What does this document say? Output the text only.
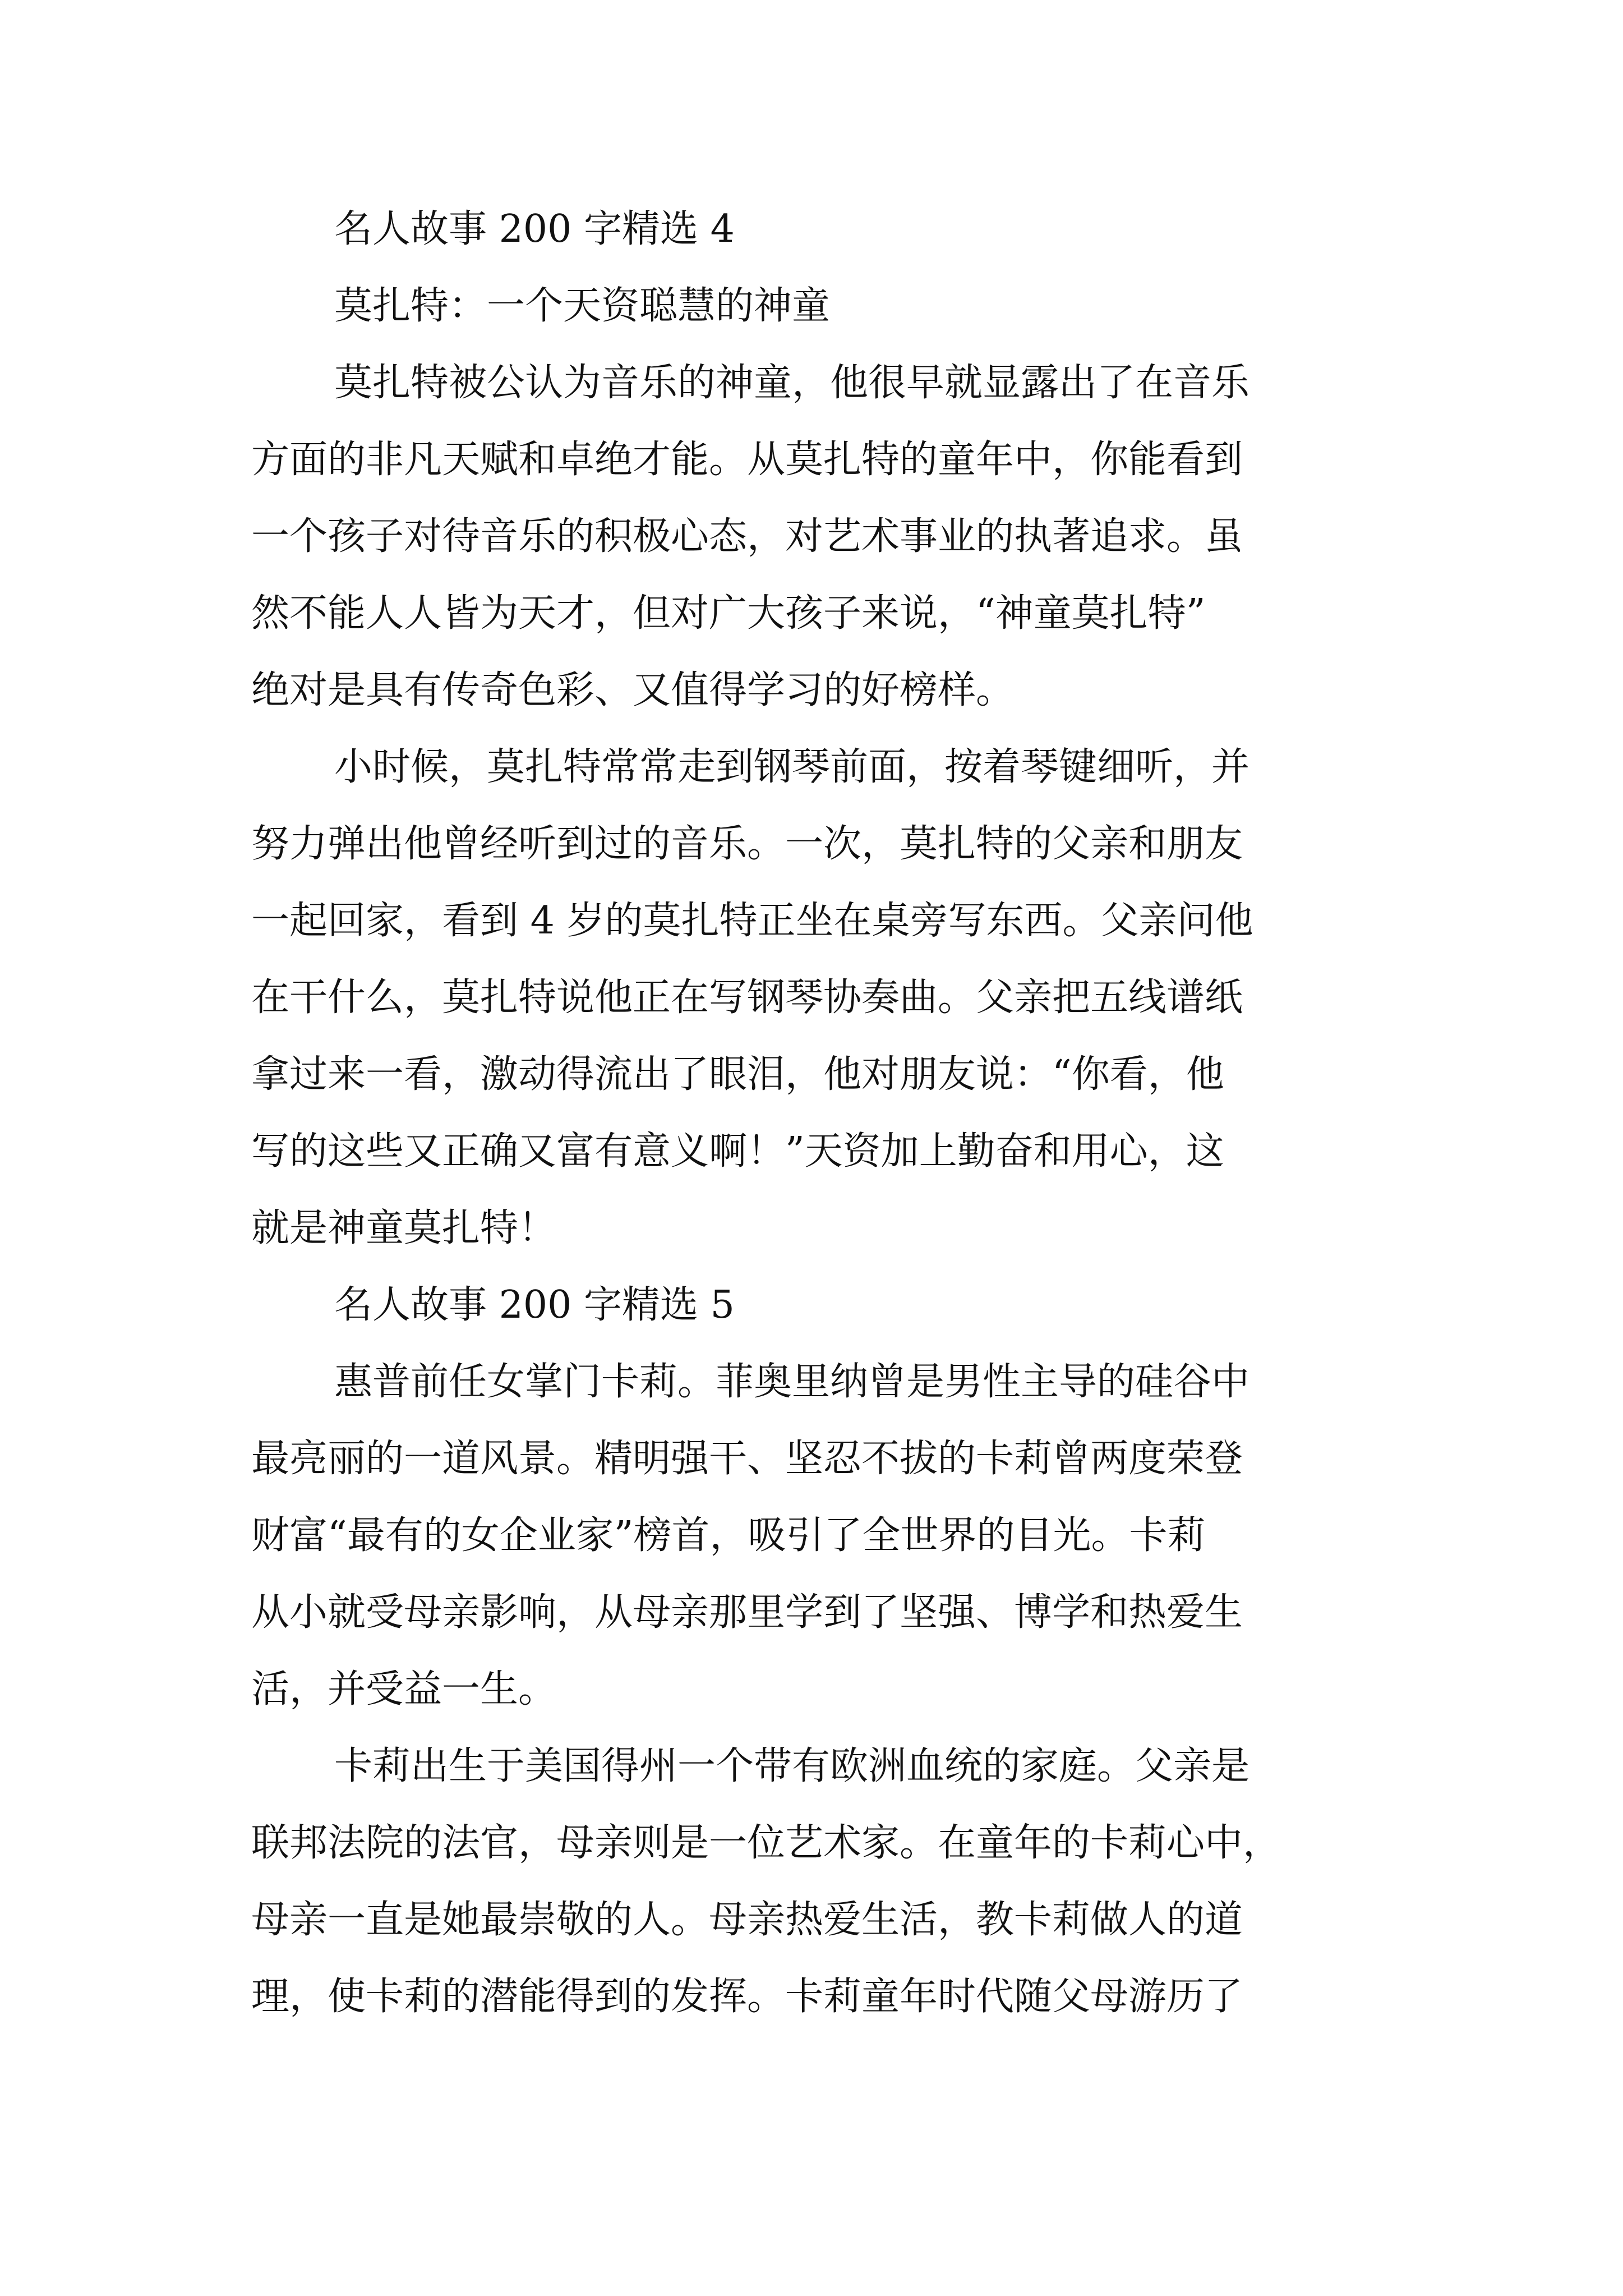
名人故事 200 字精选 4
莫扎特：一个天资聪慧的神童
莫扎特被公认为音乐的神童，他很早就显露出了在音乐
方面的非凡天赋和卓绝才能。从莫扎特的童年中，你能看到
一个孩子对待音乐的积极心态，对艺术事业的执著追求。虽
然不能人人皆为天才，但对广大孩子来说，“神童莫扎特”
绝对是具有传奇色彩、又值得学习的好榜样。
小时候，莫扎特常常走到钢琴前面，按着琴键细听，并
努力弹出他曾经听到过的音乐。一次，莫扎特的父亲和朋友
一起回家，看到 4 岁的莫扎特正坐在桌旁写东西。父亲问他
在干什么，莫扎特说他正在写钢琴协奏曲。父亲把五线谱纸
拿过来一看，激动得流出了眼泪，他对朋友说：“你看，他
写的这些又正确又富有意义啊！”天资加上勤奋和用心，这
就是神童莫扎特！
名人故事 200 字精选 5
惠普前任女掌门卡莉。菲奥里纳曾是男性主导的硅谷中
最亮丽的一道风景。精明强干、坚忍不拔的卡莉曾两度荣登
财富“最有的女企业家”榜首，吸引了全世界的目光。卡莉
从小就受母亲影响，从母亲那里学到了坚强、博学和热爱生
活，并受益一生。
卡莉出生于美国得州一个带有欧洲血统的家庭。父亲是
联邦法院的法官，母亲则是一位艺术家。在童年的卡莉心中，
母亲一直是她最崇敬的人。母亲热爱生活，教卡莉做人的道
理，使卡莉的潜能得到的发挥。卡莉童年时代随父母游历了
